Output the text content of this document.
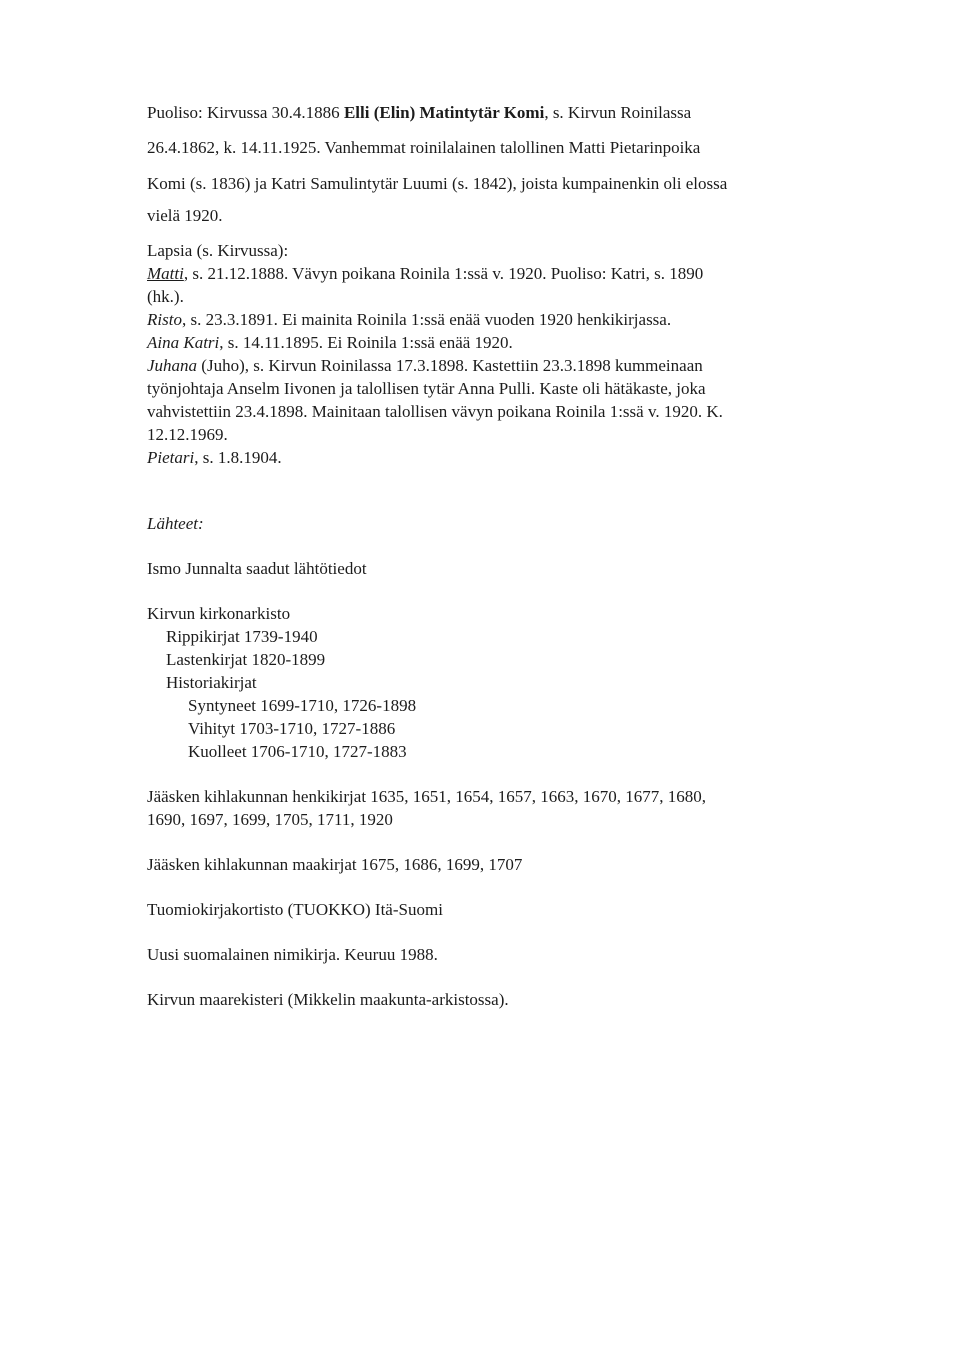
Puoliso: Kirvussa 30.4.1886 Elli (Elin) Matintytär Komi, s. Kirvun Roinilassa
26.4.1862, k. 14.11.1925. Vanhemmat roinilalainen talollinen Matti Pietarinpoika
Komi (s. 1836) ja Katri Samulintytär Luumi (s. 1842), joista kumpainenkin oli elossa
vielä 1920.
Lapsia (s. Kirvussa):
Matti, s. 21.12.1888. Vävyn poikana Roinila 1:ssä v. 1920. Puoliso: Katri, s. 1890
(hk.).
Risto, s. 23.3.1891. Ei mainita Roinila 1:ssä enää vuoden 1920 henkikirjassa.
Aina Katri, s. 14.11.1895. Ei Roinila 1:ssä enää 1920.
Juhana (Juho), s. Kirvun Roinilassa 17.3.1898. Kastettiin 23.3.1898 kummeinaan
työnjohtaja Anselm Iivonen ja talollisen tytär Anna Pulli. Kaste oli hätäkaste, joka
vahvistettiin 23.4.1898. Mainitaan talollisen vävyn poikana Roinila 1:ssä v. 1920. K.
12.12.1969.
Pietari, s. 1.8.1904.
Lähteet:
Ismo Junnalta saadut lähtötiedot
Kirvun kirkonarkisto
Rippikirjat 1739-1940
Lastenkirjat 1820-1899
Historiakirjat
Syntyneet 1699-1710, 1726-1898
Vihityt 1703-1710, 1727-1886
Kuolleet 1706-1710, 1727-1883
Jääsken kihlakunnan henkikirjat 1635, 1651, 1654, 1657, 1663, 1670, 1677, 1680,
1690, 1697, 1699, 1705, 1711, 1920
Jääsken kihlakunnan maakirjat 1675, 1686, 1699, 1707
Tuomiokirjakortisto (TUOKKO) Itä-Suomi
Uusi suomalainen nimikirja. Keuruu 1988.
Kirvun maarekisteri (Mikkelin maakunta-arkistossa).
